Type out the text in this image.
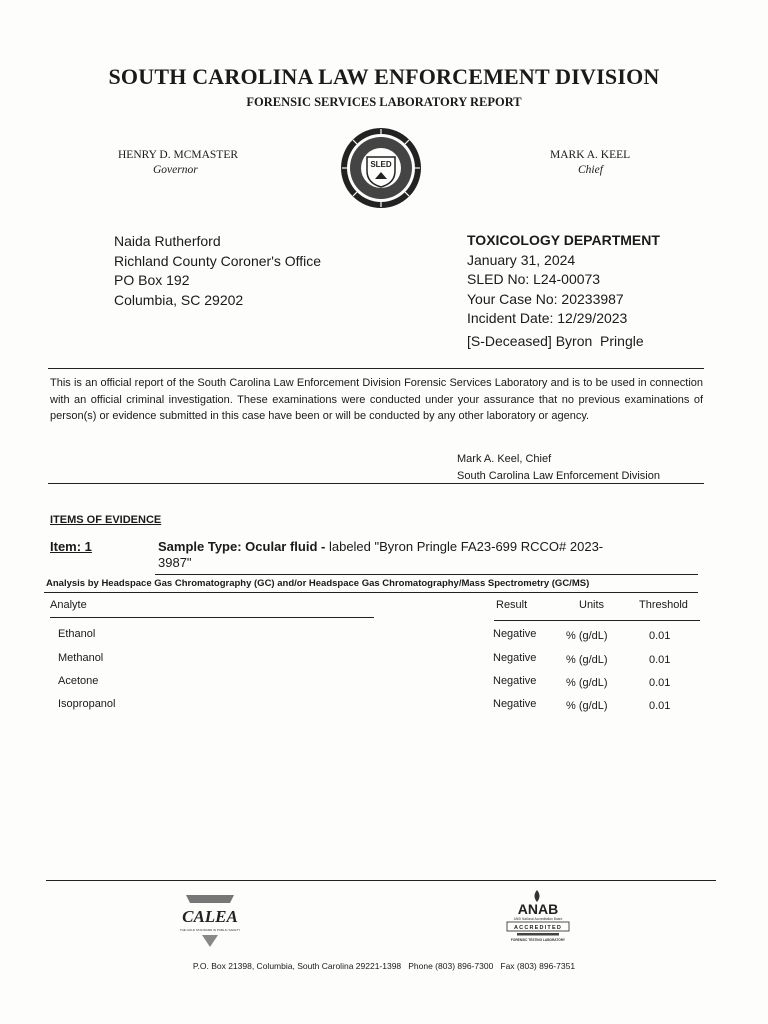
SOUTH CAROLINA LAW ENFORCEMENT DIVISION
FORENSIC SERVICES LABORATORY REPORT
HENRY D. MCMASTER
Governor
MARK A. KEEL
Chief
SLED
Naida Rutherford
Richland County Coroner's Office
PO Box 192
Columbia, SC 29202
TOXICOLOGY DEPARTMENT
January 31, 2024
SLED No: L24-00073
Your Case No: 20233987
Incident Date: 12/29/2023
[S-Deceased] Byron  Pringle
This is an official report of the South Carolina Law Enforcement Division Forensic Services Laboratory and is to be used in connection with an official criminal investigation. These examinations were conducted under your assurance that no previous examinations of person(s) or evidence submitted in this case have been or will be conducted by any other laboratory or agency.
Mark A. Keel, Chief
South Carolina Law Enforcement Division
ITEMS OF EVIDENCE
Item: 1	Sample Type: Ocular fluid - labeled "Byron Pringle FA23-699 RCCO# 2023-3987"
Analysis by Headspace Gas Chromatography (GC) and/or Headspace Gas Chromatography/Mass Spectrometry (GC/MS)
Analyte	Result	Units	Threshold
Ethanol	Negative	% (g/dL)	0.01
Methanol	Negative	% (g/dL)	0.01
Acetone	Negative	% (g/dL)	0.01
Isopropanol	Negative	% (g/dL)	0.01
CALEA
THE GOLD STANDARD IN PUBLIC SAFETY
ANAB
ANSI National Accreditation Board
ACCREDITED
FORENSIC TESTING LABORATORY
P.O. Box 21398, Columbia, South Carolina 29221-1398   Phone (803) 896-7300   Fax (803) 896-7351
